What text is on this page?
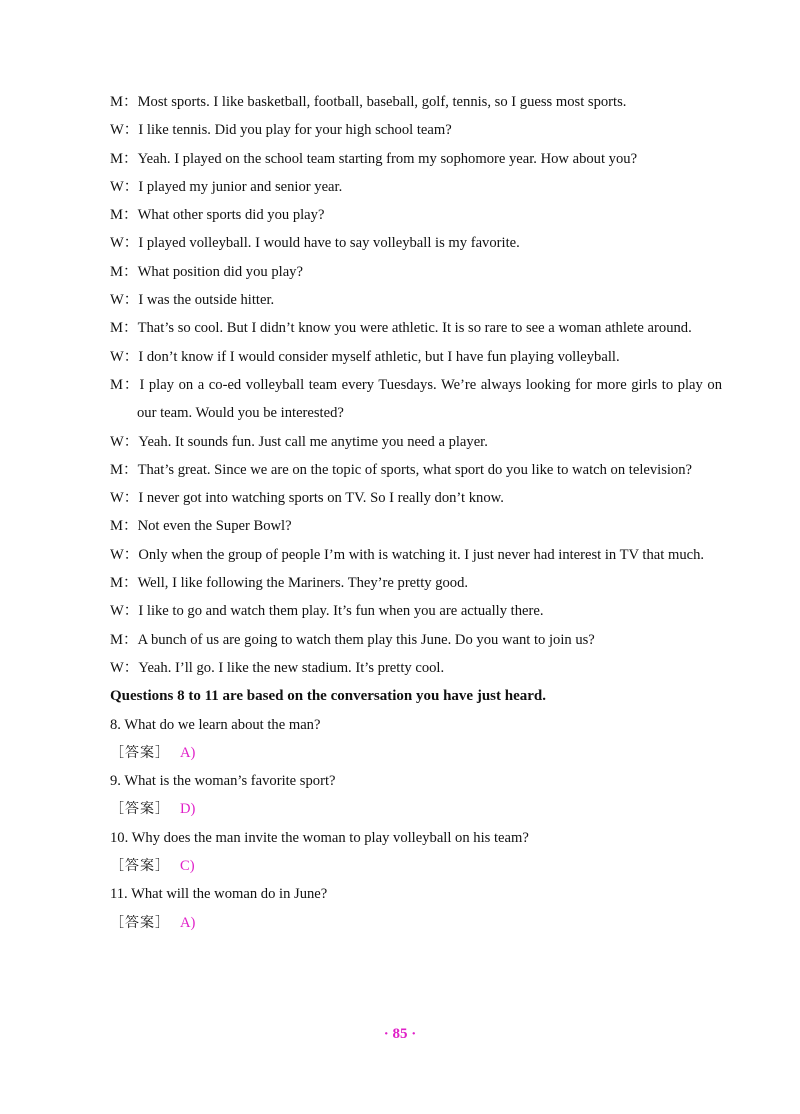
M：Most sports. I like basketball, football, baseball, golf, tennis, so I guess most sports.
W：I like tennis. Did you play for your high school team?
M：Yeah. I played on the school team starting from my sophomore year. How about you?
W：I played my junior and senior year.
M：What other sports did you play?
W：I played volleyball. I would have to say volleyball is my favorite.
M：What position did you play?
W：I was the outside hitter.
M：That’s so cool. But I didn’t know you were athletic. It is so rare to see a woman athlete around.
W：I don’t know if I would consider myself athletic, but I have fun playing volleyball.
M：I play on a co-ed volleyball team every Tuesdays. We’re always looking for more girls to play on our team. Would you be interested?
W：Yeah. It sounds fun. Just call me anytime you need a player.
M：That’s great. Since we are on the topic of sports, what sport do you like to watch on television?
W：I never got into watching sports on TV. So I really don’t know.
M：Not even the Super Bowl?
W：Only when the group of people I’m with is watching it. I just never had interest in TV that much.
M：Well, I like following the Mariners. They’re pretty good.
W：I like to go and watch them play. It’s fun when you are actually there.
M：A bunch of us are going to watch them play this June. Do you want to join us?
W：Yeah. I’ll go. I like the new stadium. It’s pretty cool.
Questions 8 to 11 are based on the conversation you have just heard.
8. What do we learn about the man?
［答案］ A)
9. What is the woman’s favorite sport?
［答案］ D)
10. Why does the man invite the woman to play volleyball on his team?
［答案］ C)
11. What will the woman do in June?
［答案］ A)
· 85 ·
